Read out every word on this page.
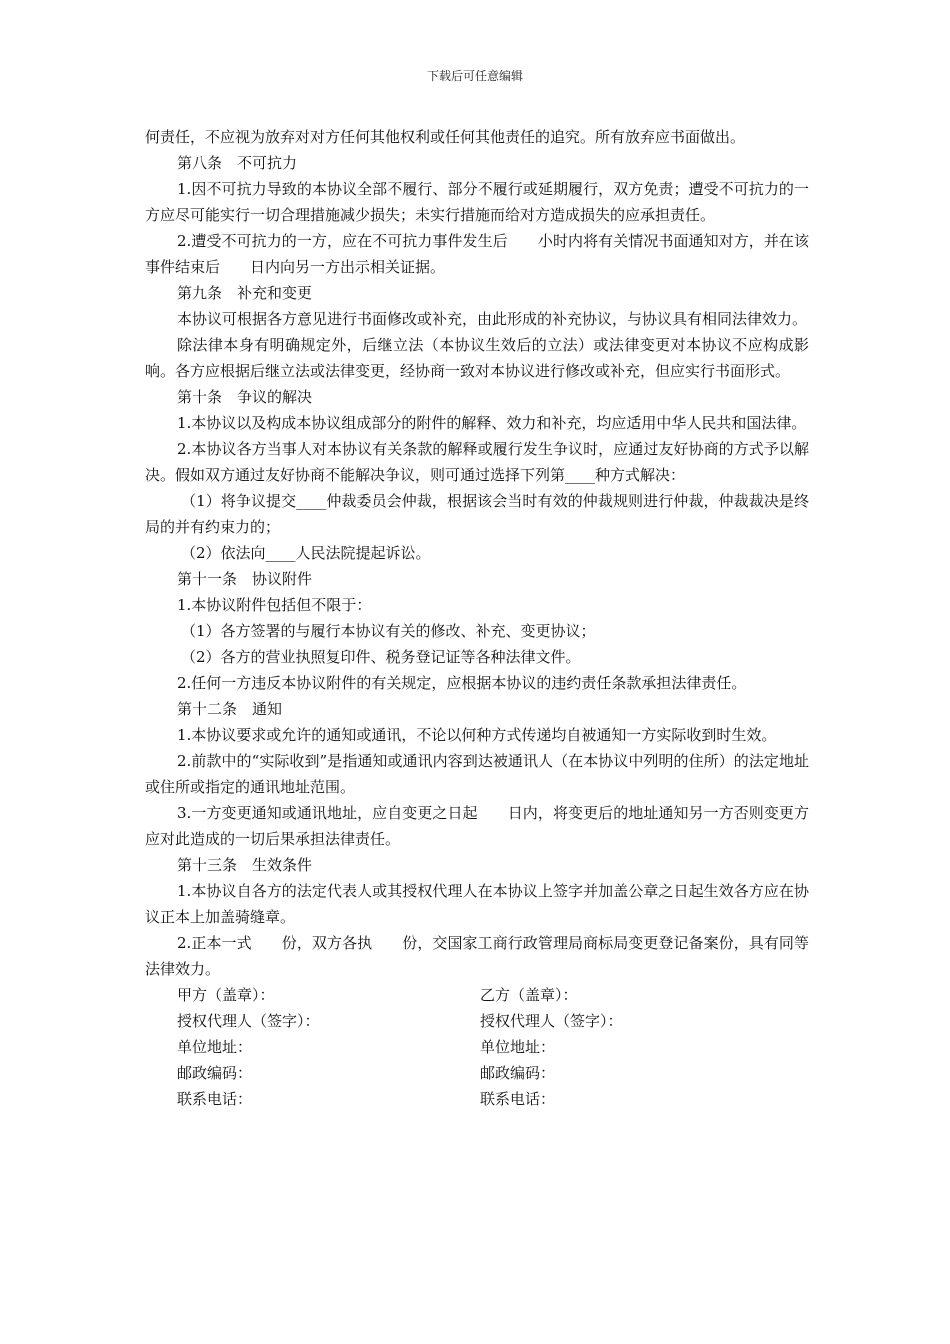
下载后可任意编辑

何责任，不应视为放弃对对方任何其他权利或任何其他责任的追究。所有放弃应书面做出。

第八条　不可抗力

1.因不可抗力导致的本协议全部不履行、部分不履行或延期履行，双方免责；遭受不可抗力的一方应尽可能实行一切合理措施减少损失；未实行措施而给对方造成损失的应承担责任。

2.遭受不可抗力的一方，应在不可抗力事件发生后　　小时内将有关情况书面通知对方，并在该事件结束后　　日内向另一方出示相关证据。

第九条　补充和变更

本协议可根据各方意见进行书面修改或补充，由此形成的补充协议，与协议具有相同法律效力。

除法律本身有明确规定外，后继立法（本协议生效后的立法）或法律变更对本协议不应构成影响。各方应根据后继立法或法律变更，经协商一致对本协议进行修改或补充，但应实行书面形式。

第十条　争议的解决

1.本协议以及构成本协议组成部分的附件的解释、效力和补充，均应适用中华人民共和国法律。

2.本协议各方当事人对本协议有关条款的解释或履行发生争议时，应通过友好协商的方式予以解决。假如双方通过友好协商不能解决争议，则可通过选择下列第____种方式解决：

（1）将争议提交____仲裁委员会仲裁，根据该会当时有效的仲裁规则进行仲裁，仲裁裁决是终局的并有约束力的；

（2）依法向____人民法院提起诉讼。

第十一条　协议附件

1.本协议附件包括但不限于：

（1）各方签署的与履行本协议有关的修改、补充、变更协议；

（2）各方的营业执照复印件、税务登记证等各种法律文件。

2.任何一方违反本协议附件的有关规定，应根据本协议的违约责任条款承担法律责任。

第十二条　通知

1.本协议要求或允许的通知或通讯，不论以何种方式传递均自被通知一方实际收到时生效。

2.前款中的“实际收到”是指通知或通讯内容到达被通讯人（在本协议中列明的住所）的法定地址或住所或指定的通讯地址范围。

3.一方变更通知或通讯地址，应自变更之日起　　日内，将变更后的地址通知另一方否则变更方应对此造成的一切后果承担法律责任。

第十三条　生效条件

1.本协议自各方的法定代表人或其授权代理人在本协议上签字并加盖公章之日起生效各方应在协议正本上加盖骑缝章。

2.正本一式　　份，双方各执　　份，交国家工商行政管理局商标局变更登记备案份，具有同等法律效力。

甲方（盖章）：	乙方（盖章）：
授权代理人（签字）：	授权代理人（签字）：
单位地址：	单位地址：
邮政编码：	邮政编码：
联系电话：	联系电话：
